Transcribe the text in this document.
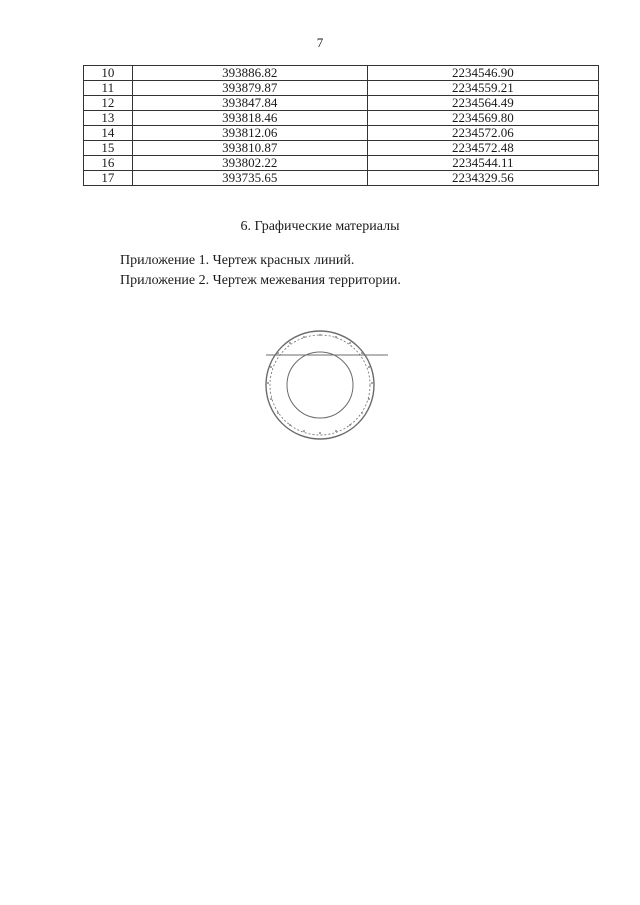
7
10	393886.82	2234546.90
11	393879.87	2234559.21
12	393847.84	2234564.49
13	393818.46	2234569.80
14	393812.06	2234572.06
15	393810.87	2234572.48
16	393802.22	2234544.11
17	393735.65	2234329.56
6. Графические материалы
Приложение 1. Чертеж красных линий.
Приложение 2. Чертеж межевания территории.
